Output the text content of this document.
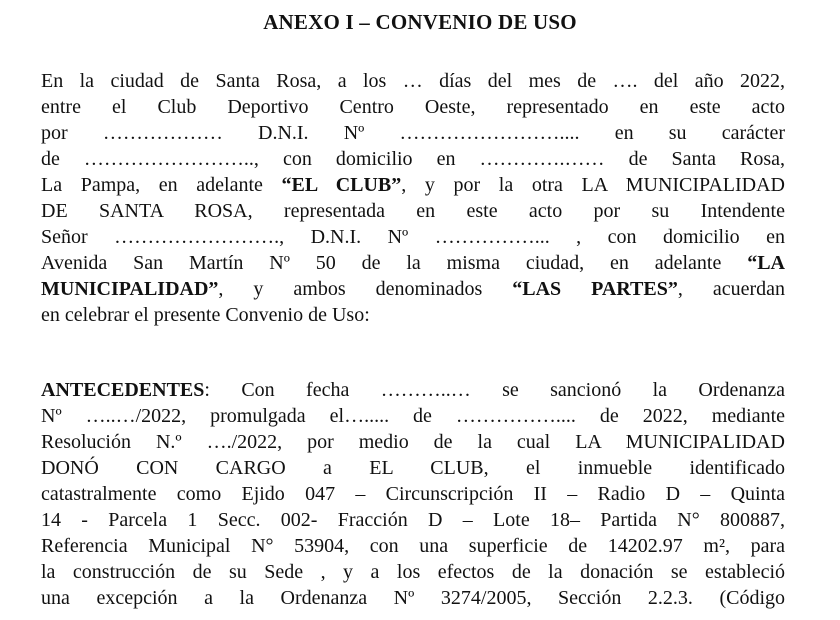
ANEXO I – CONVENIO DE USO
En la ciudad de Santa Rosa, a los … días del mes de …. del año 2022,
entre el Club Deportivo Centro Oeste, representado en este acto
por ……………… D.N.I. Nº …………………….... en su carácter
de …………………….., con domicilio en ………….…… de Santa Rosa,
La Pampa, en adelante “EL CLUB”, y por la otra LA MUNICIPALIDAD
DE SANTA ROSA, representada en este acto por su Intendente
Señor ……………………., D.N.I. Nº ……………... , con domicilio en
Avenida San Martín Nº 50 de la misma ciudad, en adelante “LA
MUNICIPALIDAD”, y ambos denominados “LAS PARTES”, acuerdan
en celebrar el presente Convenio de Uso:
ANTECEDENTES: Con fecha ………..… se sancionó la Ordenanza
Nº …..…/2022, promulgada el…..... de …………….... de 2022, mediante
Resolución N.º …./2022, por medio de la cual LA MUNICIPALIDAD
DONÓ CON CARGO a EL CLUB, el inmueble identificado
catastralmente como Ejido 047 – Circunscripción II – Radio D – Quinta
14 - Parcela 1 Secc. 002- Fracción D – Lote 18– Partida N° 800887,
Referencia Municipal N° 53904, con una superficie de 14202.97 m², para
la construcción de su Sede , y a los efectos de la donación se estableció
una excepción a la Ordenanza Nº 3274/2005, Sección 2.2.3. (Código
